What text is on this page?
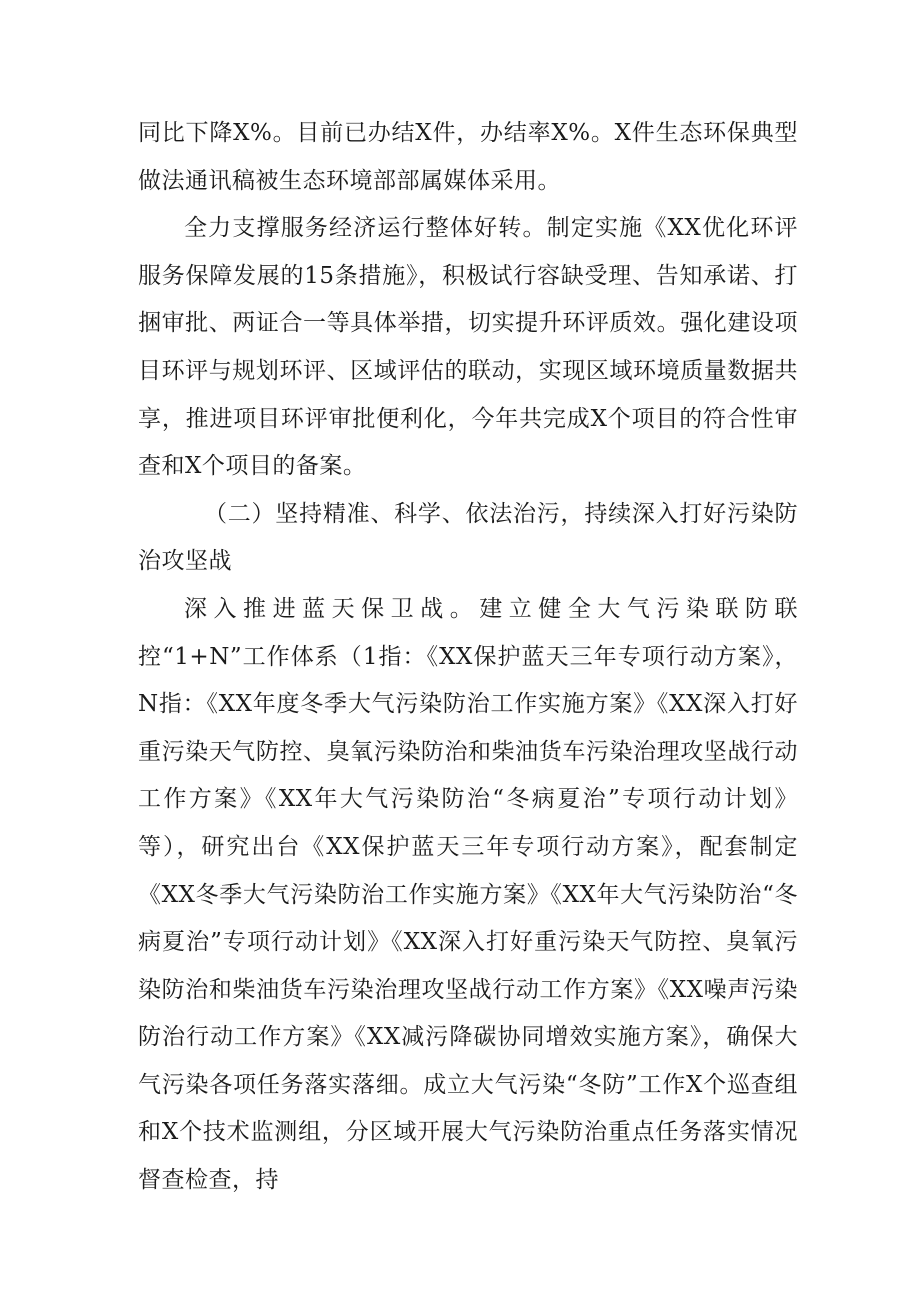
同比下降X%。目前已办结X件，办结率X%。X件生态环保典型做法通讯稿被生态环境部部属媒体采用。

全力支撑服务经济运行整体好转。制定实施《XX优化环评服务保障发展的15条措施》，积极试行容缺受理、告知承诺、打捆审批、两证合一等具体举措，切实提升环评质效。强化建设项目环评与规划环评、区域评估的联动，实现区域环境质量数据共享，推进项目环评审批便利化，今年共完成X个项目的符合性审查和X个项目的备案。

（二）坚持精准、科学、依法治污，持续深入打好污染防治攻坚战

深入推进蓝天保卫战。建立健全大气污染联防联控“1+N”工作体系（1指：《XX保护蓝天三年专项行动方案》，N指：《XX年度冬季大气污染防治工作实施方案》《XX深入打好重污染天气防控、臭氧污染防治和柴油货车污染治理攻坚战行动工作方案》《XX年大气污染防治“冬病夏治”专项行动计划》等），研究出台《XX保护蓝天三年专项行动方案》，配套制定《XX冬季大气污染防治工作实施方案》《XX年大气污染防治“冬病夏治”专项行动计划》《XX深入打好重污染天气防控、臭氧污染防治和柴油货车污染治理攻坚战行动工作方案》《XX噪声污染防治行动工作方案》《XX减污降碳协同增效实施方案》，确保大气污染各项任务落实落细。成立大气污染“冬防”工作X个巡查组和X个技术监测组，分区域开展大气污染防治重点任务落实情况督查检查，持
